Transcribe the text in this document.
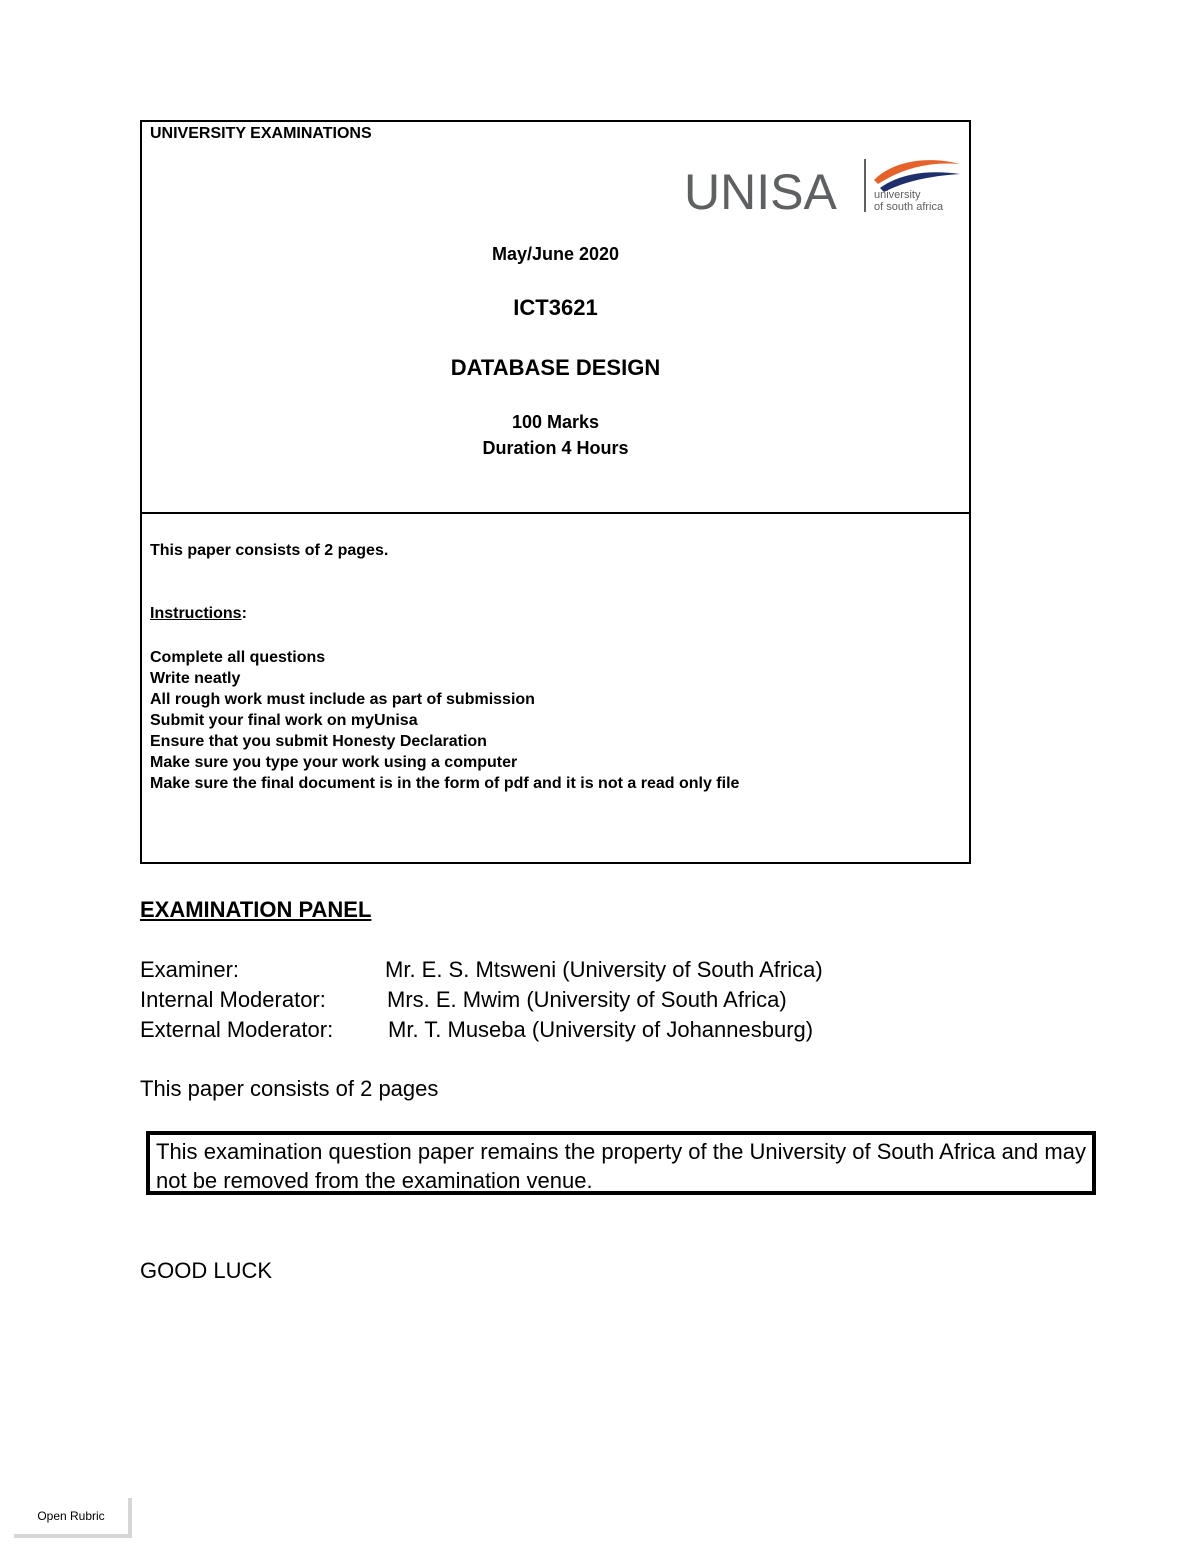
UNIVERSITY EXAMINATIONS
UNISA	university
of south africa
May/June 2020
ICT3621
DATABASE DESIGN
100 Marks
Duration 4 Hours
This paper consists of 2 pages.
Instructions:
Complete all questions
Write neatly
All rough work must include as part of submission
Submit your final work on myUnisa
Ensure that you submit Honesty Declaration
Make sure you type your work using a computer
Make sure the final document is in the form of pdf and it is not a read only file
EXAMINATION PANEL
Examiner:	Mr. E. S. Mtsweni (University of South Africa)
Internal Moderator:	Mrs. E. Mwim (University of South Africa)
External Moderator: Mr. T. Museba (University of Johannesburg)
This paper consists of 2 pages
This examination question paper remains the property of the University of South Africa and may not be removed from the examination venue.
GOOD LUCK
Open Rubric
